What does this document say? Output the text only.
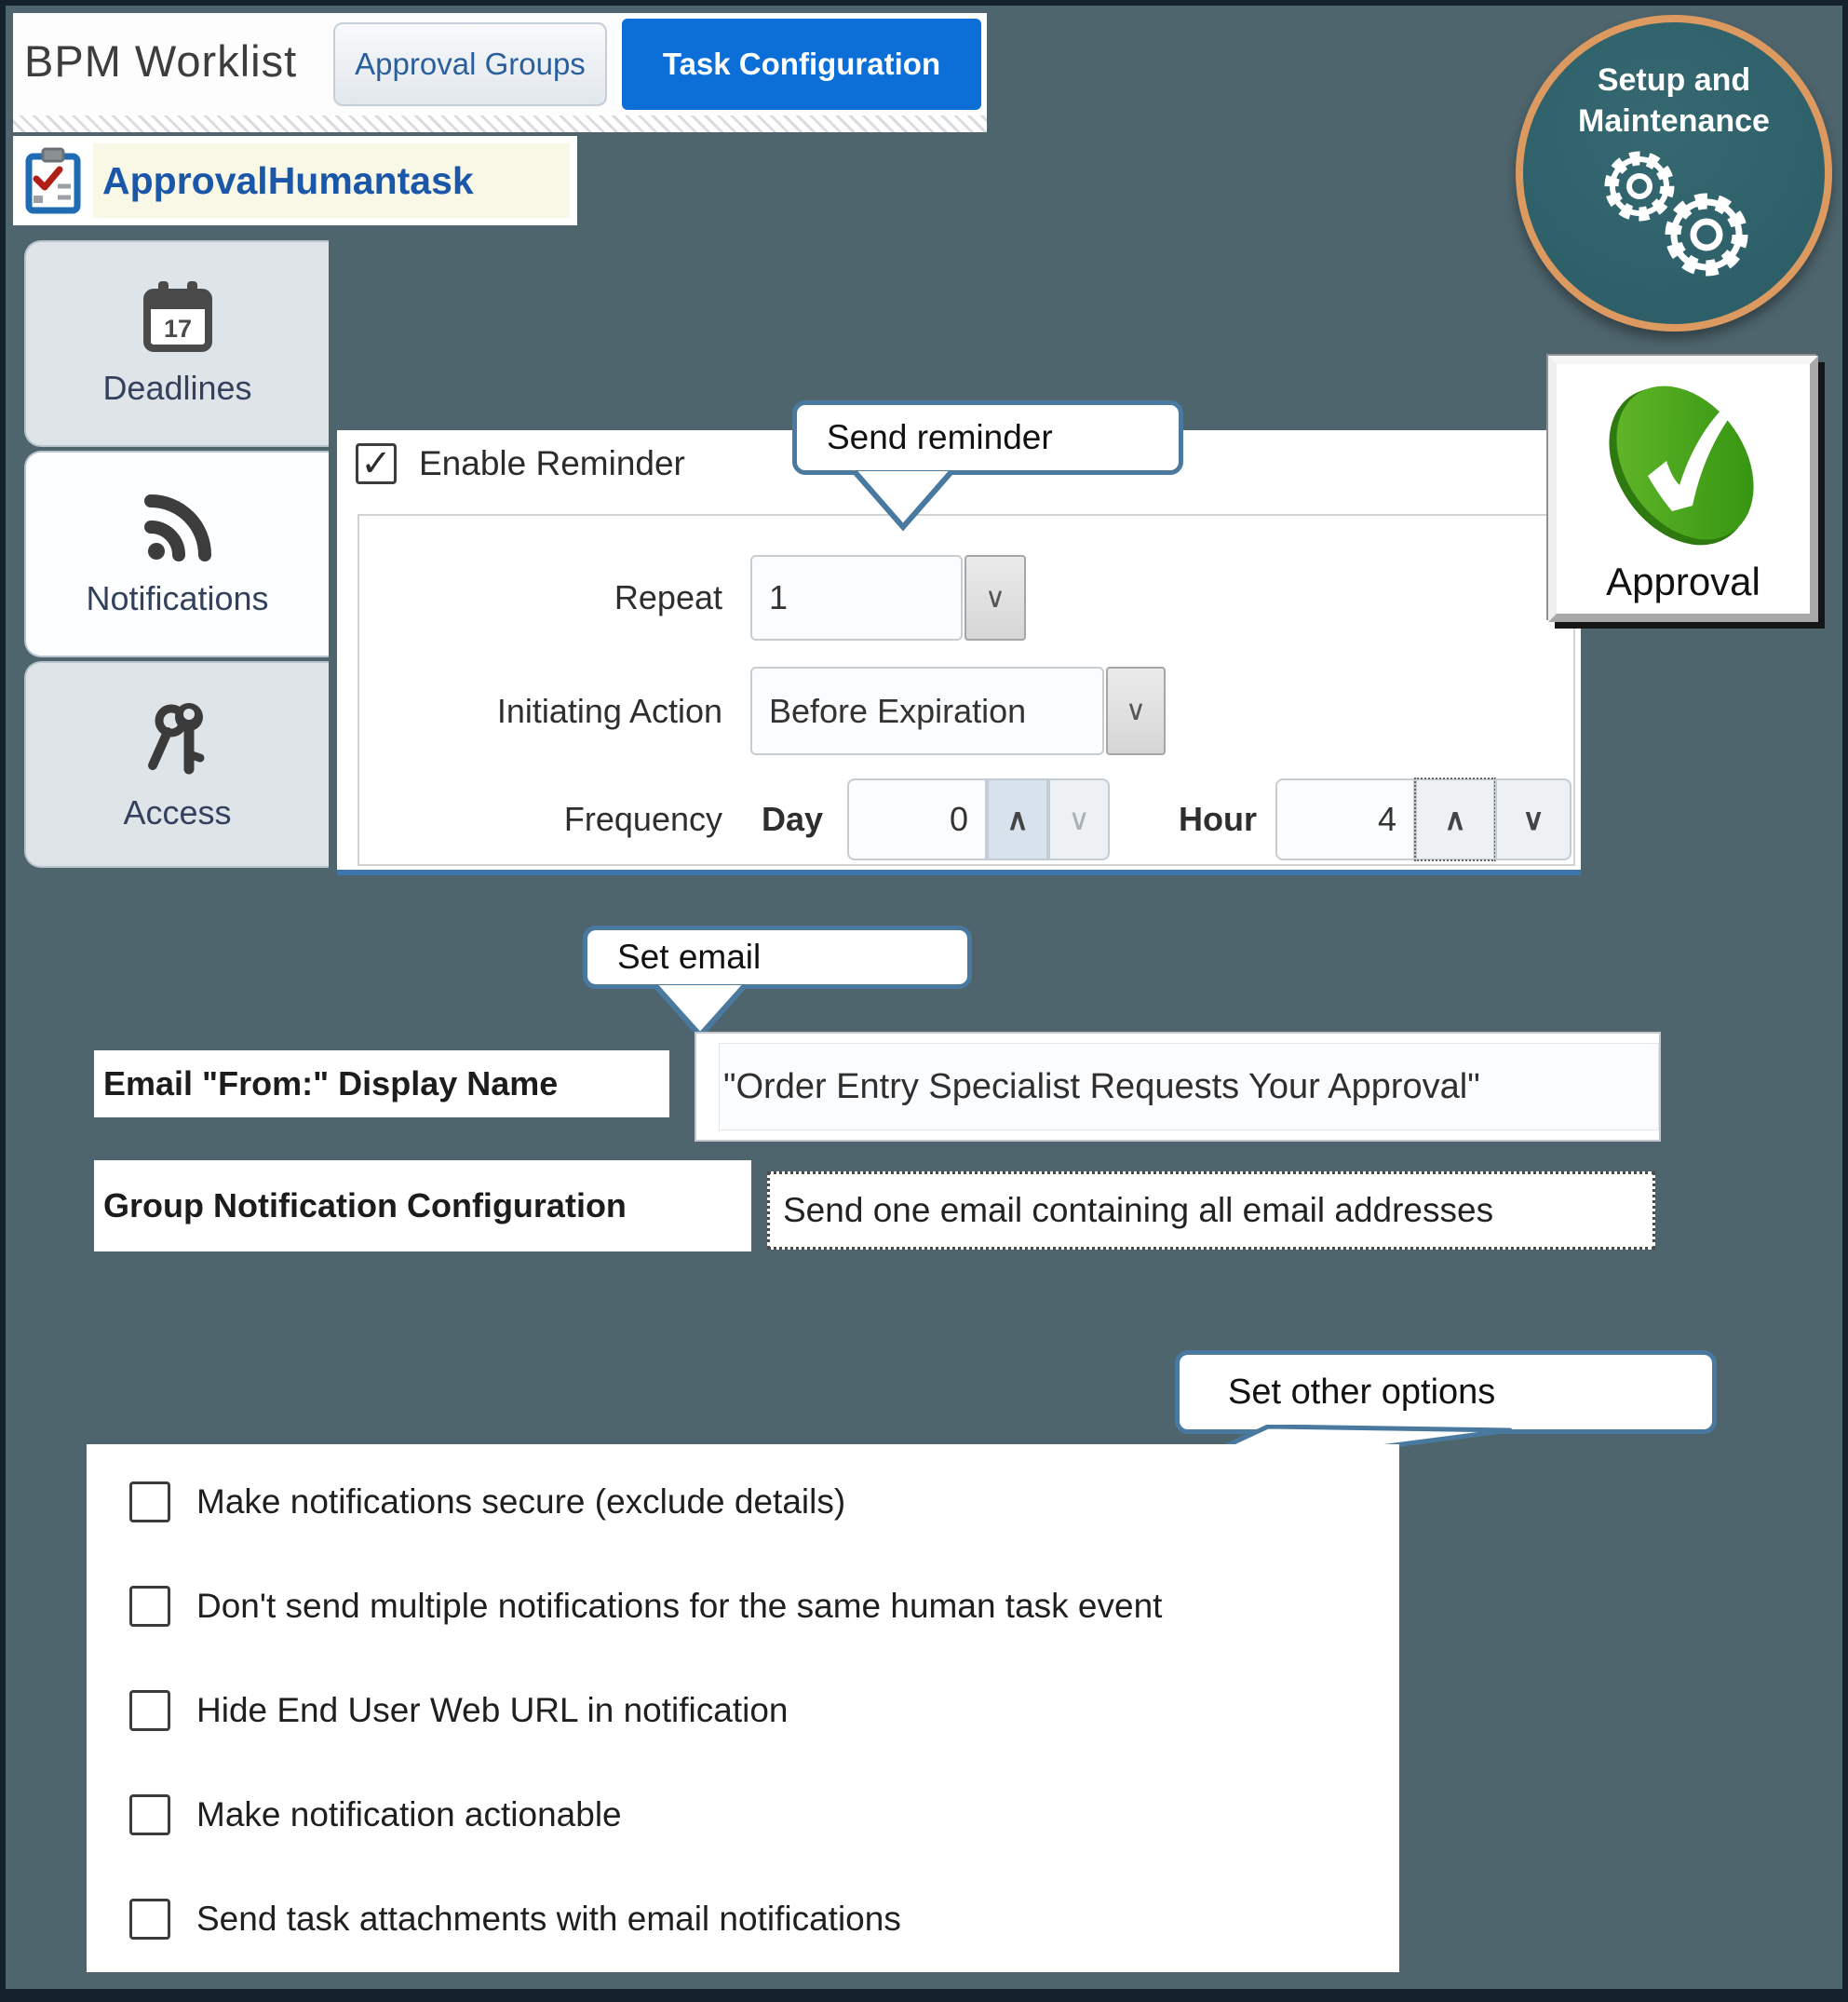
BPM Worklist Approval Groups	Task Configuration
ApprovalHumantask
17
Deadlines
Notifications
Access
✓ Enable Reminder
Repeat 1	∨
Initiating Action Before Expiration	∨
Frequency Day	0 ∧ ∨	Hour	4 ∧ ∨
Send reminder
Setup and
Maintenance
Approval
Set email
Email "From:" Display Name	"Order Entry Specialist Requests Your Approval"
Group Notification Configuration	Send one email containing all email addresses
Set other options
Make notifications secure (exclude details)
Don't send multiple notifications for the same human task event
Hide End User Web URL in notification
Make notification actionable
Send task attachments with email notifications
